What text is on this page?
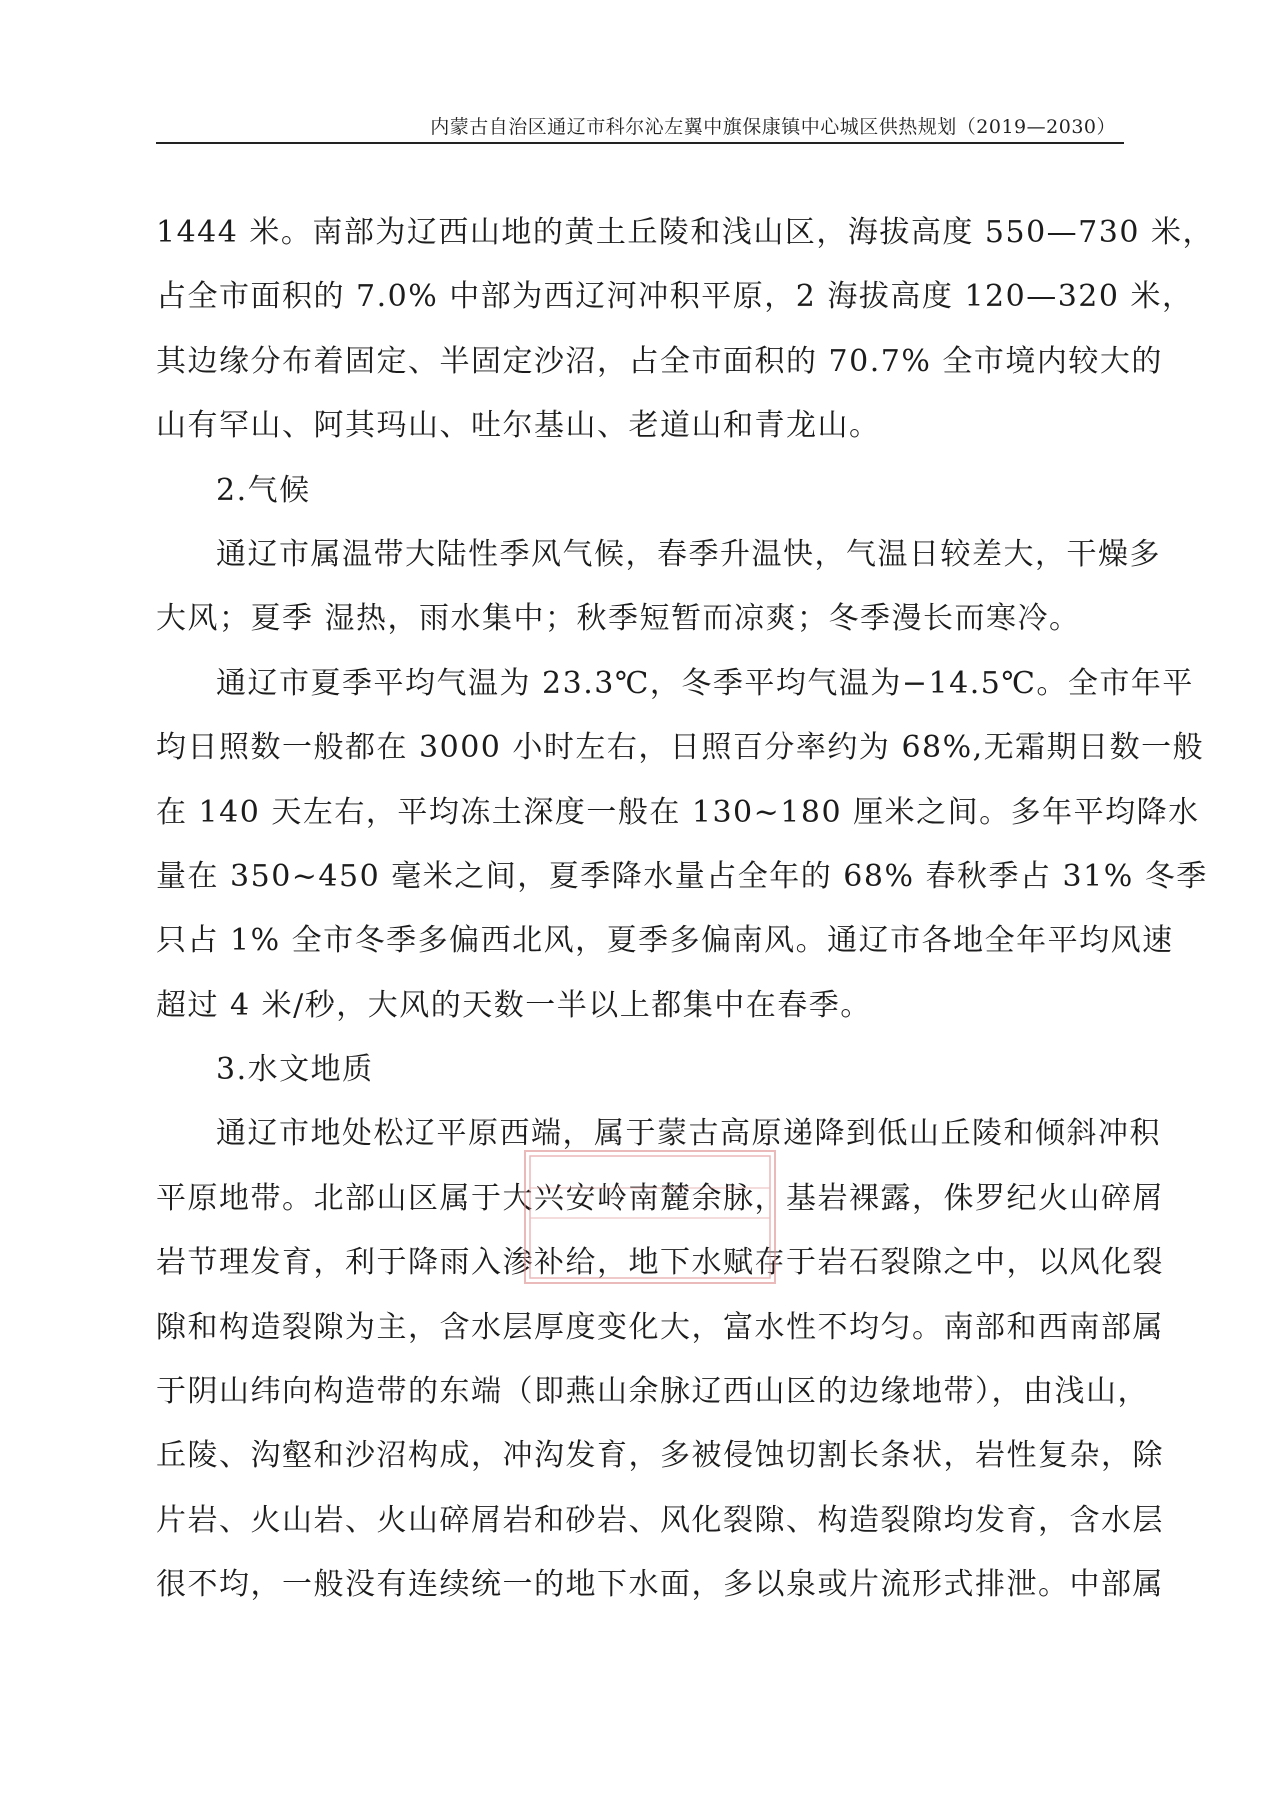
内蒙古自治区通辽市科尔沁左翼中旗保康镇中心城区供热规划（2019—2030）
1444 米。南部为辽西山地的黄土丘陵和浅山区，海拔高度 550—730 米，
占全市面积的 7.0% 中部为西辽河冲积平原，2 海拔高度 120—320 米，
其边缘分布着固定、半固定沙沼，占全市面积的 70.7% 全市境内较大的
山有罕山、阿其玛山、吐尔基山、老道山和青龙山。
2.气候
通辽市属温带大陆性季风气候，春季升温快，气温日较差大，干燥多
大风；夏季 湿热，雨水集中；秋季短暂而凉爽；冬季漫长而寒冷。
通辽市夏季平均气温为 23.3℃，冬季平均气温为−14.5℃。全市年平
均日照数一般都在 3000 小时左右，日照百分率约为 68%,无霜期日数一般
在 140 天左右，平均冻土深度一般在 130~180 厘米之间。多年平均降水
量在 350~450 毫米之间，夏季降水量占全年的 68% 春秋季占 31% 冬季
只占 1% 全市冬季多偏西北风，夏季多偏南风。通辽市各地全年平均风速
超过 4 米/秒，大风的天数一半以上都集中在春季。
3.水文地质
通辽市地处松辽平原西端，属于蒙古高原递降到低山丘陵和倾斜冲积
平原地带。北部山区属于大兴安岭南麓余脉，基岩裸露，侏罗纪火山碎屑
岩节理发育，利于降雨入渗补给，地下水赋存于岩石裂隙之中，以风化裂
隙和构造裂隙为主，含水层厚度变化大，富水性不均匀。南部和西南部属
于阴山纬向构造带的东端（即燕山余脉辽西山区的边缘地带），由浅山，
丘陵、沟壑和沙沼构成，冲沟发育，多被侵蚀切割长条状，岩性复杂，除
片岩、火山岩、火山碎屑岩和砂岩、风化裂隙、构造裂隙均发育，含水层
很不均，一般没有连续统一的地下水面，多以泉或片流形式排泄。中部属
